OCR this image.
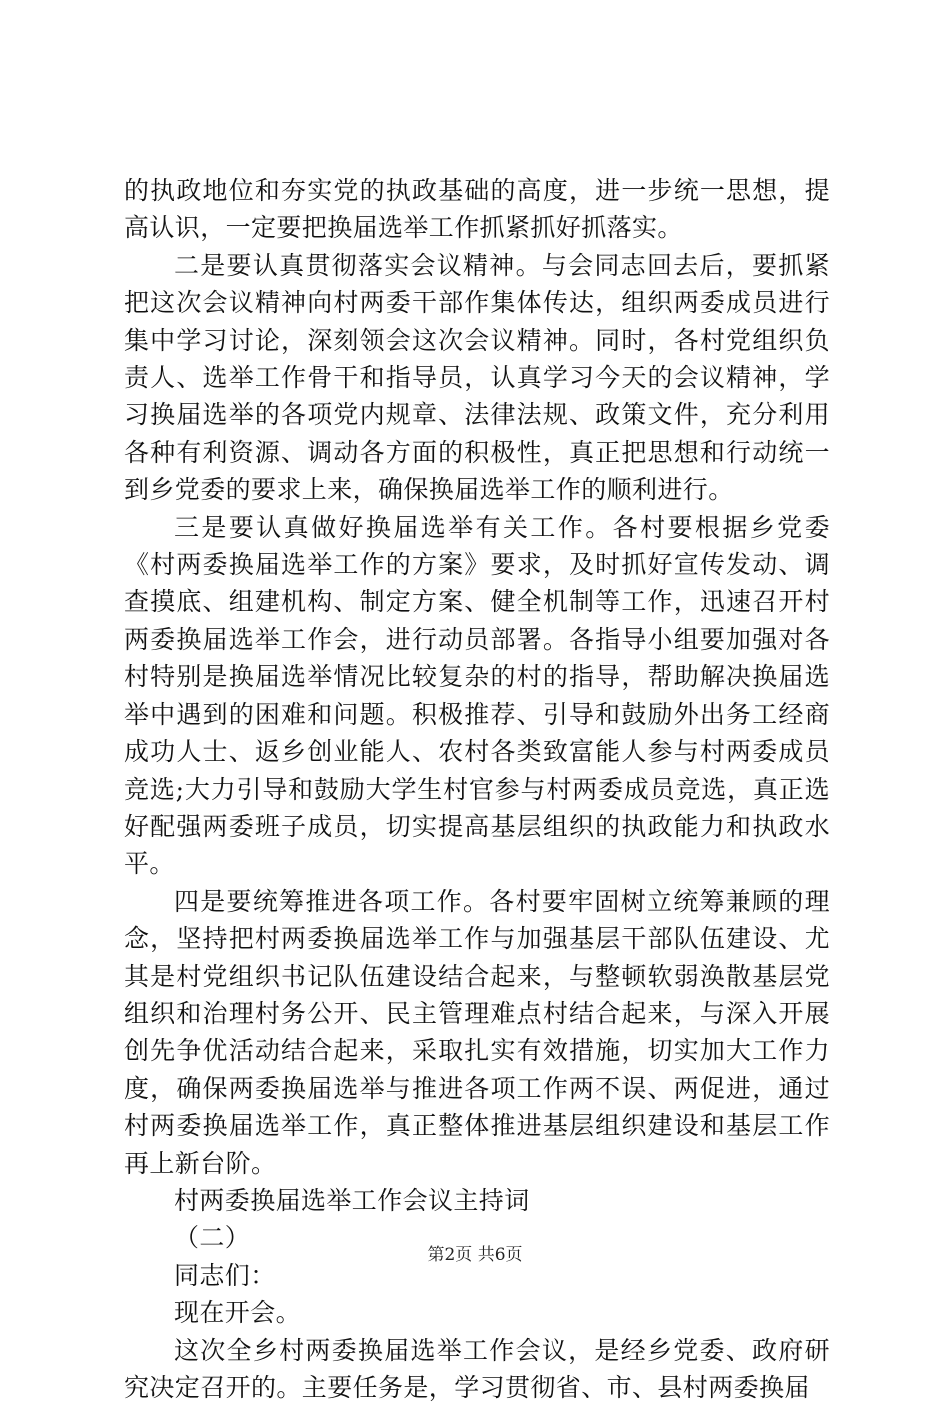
的执政地位和夯实党的执政基础的高度，进一步统一思想，提高认识，一定要把换届选举工作抓紧抓好抓落实。

二是要认真贯彻落实会议精神。与会同志回去后，要抓紧把这次会议精神向村两委干部作集体传达，组织两委成员进行集中学习讨论，深刻领会这次会议精神。同时，各村党组织负责人、选举工作骨干和指导员，认真学习今天的会议精神，学习换届选举的各项党内规章、法律法规、政策文件，充分利用各种有利资源、调动各方面的积极性，真正把思想和行动统一到乡党委的要求上来，确保换届选举工作的顺利进行。

三是要认真做好换届选举有关工作。各村要根据乡党委《村两委换届选举工作的方案》要求，及时抓好宣传发动、调查摸底、组建机构、制定方案、健全机制等工作，迅速召开村两委换届选举工作会，进行动员部署。各指导小组要加强对各村特别是换届选举情况比较复杂的村的指导，帮助解决换届选举中遇到的困难和问题。积极推荐、引导和鼓励外出务工经商成功人士、返乡创业能人、农村各类致富能人参与村两委成员竞选;大力引导和鼓励大学生村官参与村两委成员竞选，真正选好配强两委班子成员，切实提高基层组织的执政能力和执政水平。

四是要统筹推进各项工作。各村要牢固树立统筹兼顾的理念，坚持把村两委换届选举工作与加强基层干部队伍建设、尤其是村党组织书记队伍建设结合起来，与整顿软弱涣散基层党组织和治理村务公开、民主管理难点村结合起来，与深入开展创先争优活动结合起来，采取扎实有效措施，切实加大工作力度，确保两委换届选举与推进各项工作两不误、两促进，通过村两委换届选举工作，真正整体推进基层组织建设和基层工作再上新台阶。

村两委换届选举工作会议主持词

（二）

同志们：

现在开会。

这次全乡村两委换届选举工作会议，是经乡党委、政府研究决定召开的。主要任务是，学习贯彻省、市、县村两委换届

第2页 共6页
